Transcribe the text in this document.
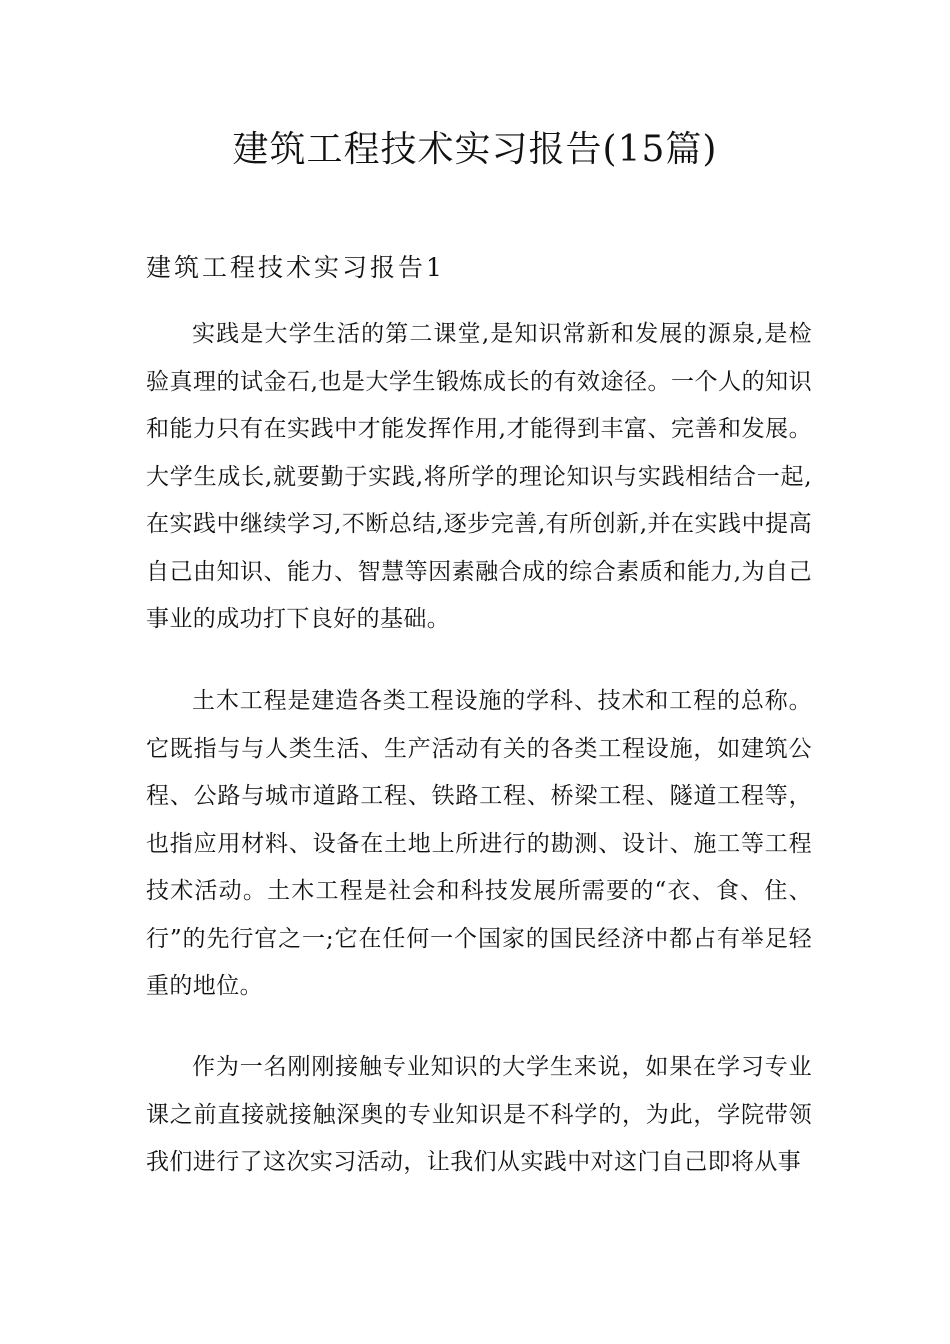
建筑工程技术实习报告(15篇)
建筑工程技术实习报告1

实践是大学生活的第二课堂,是知识常新和发展的源泉,是检验真理的试金石,也是大学生锻炼成长的有效途径。一个人的知识和能力只有在实践中才能发挥作用,才能得到丰富、完善和发展。大学生成长,就要勤于实践,将所学的理论知识与实践相结合一起,在实践中继续学习,不断总结,逐步完善,有所创新,并在实践中提高自己由知识、能力、智慧等因素融合成的综合素质和能力,为自己事业的成功打下良好的基础。

土木工程是建造各类工程设施的学科、技术和工程的总称。它既指与与人类生活、生产活动有关的各类工程设施，如建筑公程、公路与城市道路工程、铁路工程、桥梁工程、隧道工程等，也指应用材料、设备在土地上所进行的勘测、设计、施工等工程技术活动。土木工程是社会和科技发展所需要的“衣、食、住、行”的先行官之一;它在任何一个国家的国民经济中都占有举足轻重的地位。

作为一名刚刚接触专业知识的大学生来说，如果在学习专业课之前直接就接触深奥的专业知识是不科学的，为此，学院带领我们进行了这次实习活动，让我们从实践中对这门自己即将从事
